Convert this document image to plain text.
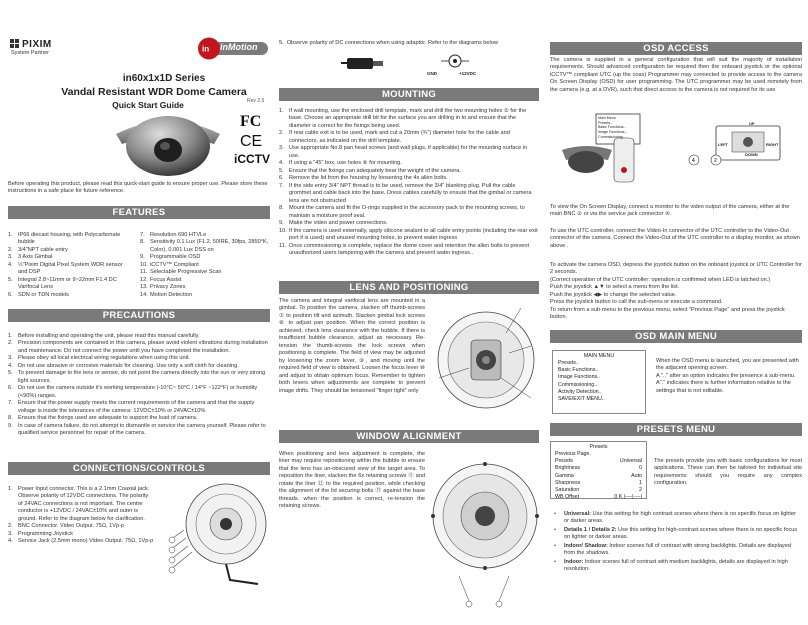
PIXIM
System Partner	in inMotion
in60x1x1D Series
Vandal Resistant WDR Dome Camera
Quick Start Guide	Rev 2.5
FC
CE
iCCTV
Before operating this product, please read this quick-start guide to ensure proper use. Please store these instructions in a safe place for future reference.
FEATURES
1. IP66 diecast housing, with Polycarbonate bubble
2. 3/4"NPT cable entry
3. 3 Axis Gimbal
4. ½"Pixim Digital Pixel System WDR sensor and DSP
5. Integral 2.8~11mm or 9~22mm F1.4 DC Varifocal Lens
6. SDN or TDN models
7. Resolution 690 HTVLe
8. Sensitivity 0.1 Lux (F1.2, 50IRE, 30fps, 2850°K, Color), 0.001 Lux DSS on
9. Programmable OSD
10. iCCTV™ Compliant
11. Selectable Progressive Scan
12. Focus Assist
13. Privacy Zones
14. Motion Detection
PRECAUTIONS
1. Before installing and operating the unit, please read this manual carefully.
2. Precision components are contained in this camera, please avoid violent vibrations during installation and maintenance. Do not connect the power until you have completed the installation.
3. Please obey all local electrical wiring regulations when using this unit.
4. Do not use abrasive or corrosive materials for cleaning. Use only a soft cloth for cleaning.
5. To prevent damage to the lens or sensor, do not point the camera directly into the sun or very strong light sources.
6. Do not use the camera outside it’s working temperature (-10°C~ 50°C / 14°F ~122°F) or humidity (<90%) ranges.
7. Ensure that the power supply meets the current requirements of the camera and that the supply voltage is inside the tolerances of the camera: 12VDC±10% or 24VAC±10%
8. Ensure that the fixings used are adequate to support the load of camera.
9. In case of camera failure, do not attempt to dismantle or service the camera yourself. Please refer to qualified service personnel for repair of the camera.
CONNECTIONS/CONTROLS
1. Power Input connector. This is a 2.1mm Coaxial jack. Observe polarity of 12VDC connections. The polarity of 24VAC connections is not important. The centre conductor is +12VDC / 24VAC±10% and outer is ground. Refer to the diagram below for clarification.
2. BNC Connector. Video Output. 75Ω, 1Vp-p
3. Programming Joystick
4. Service Jack (2.5mm mono) Video Output. 75Ω, 1Vp-p
5.  Observe polarity of DC connections when using adaptor. Refer to the diagrams below
GND	+12VDC
MOUNTING
1. If wall mounting, use the enclosed drill template, mark and drill the two mounting holes ⑤ for the base. Choose an appropriate drill bit for the surface you are drilling in to and ensure that the diameter is correct for the fixings being used.
2. If rear cable exit is to be used, mark and cut a 20mm (¾") diameter hole for the cable and connectors, as indicated on the drill template.
3. Use appropriate No.8 pan head screws (and wall plugs, if applicable) for the mounting surface in use.
4. If using a "45" box, use holes ⑥ for mounting.
5. Ensure that the fixings can adequately bear the weight of the camera.
6. Remove the lid from the housing by loosening the 4x allen bolts.
7. If the side entry 3/4" NPT thread is to be used, remove the 3/4" blanking plug. Pull the cable grommet and cable back into the base. Dress cables carefully to ensure that the gimbal or camera lens are not obstructed
8. Mount the camera and fit the O-rings supplied in the accessory pack to the mounting screws, to maintain a moisture proof seal.
9. Make the video and power connections.
10. If the camera is used externally, apply silicone sealant to all cable entry points (including the rear exit port if is used) and unused mounting holes, to prevent water ingress
11. Once commissioning is complete, replace the dome cover and retention the allen bolts to prevent unauthorized users tampering with the camera and prevent water ingress..
LENS AND POSITIONING
The camera and integral varifocal lens are mounted in a gimbal. To position the camera, slacken off thumb-screws ⑦ to position tilt and azimuth. Slacken gimbal lock screws ⑧ to adjust pan position. When the correct position is achieved, check lens clearance with the bubble. If there is insufficient bubble clearance, adjust as necessary. Re-tension the thumb-screws the lock screws when positioning is complete. The field of view may be adjusted by loosening the zoom lever, ⑨, and moving until the required field of view is obtained. Loosen the focus lever ⑩ and adjust to obtain optimum focus. Remember to tighten both levers when adjustments are complete to prevent image drifts. They should be tensioned "finger tight" only
WINDOW ALIGNMENT
When positioning and lens adjustment is complete, the liner may require repositioning within the bubble to ensure that the lens has un-obscured view of the target area. To reposition the liner, slacken the 6x retaining screws ⑪ and rotate the liner ⑫ to the required position, while checking the alignment of the lid securing bolts ⑬ against the base threads. when the position is correct, re-tension the retaining screws.
OSD ACCESS
The camera is supplied in a general configuration that will suit the majority of installation requirements. Should advanced configuration be required then the onboard joystick or the optional iCCTV™ compliant UTC (up the coax) Programmer may connected to provide access to the camera On Screen Display (OSD) for user programming. The UTC programmer may be used remotely from the camera (e.g. at a DVR), such that direct access to the camera is not required for its use
4	2
Main Menu
Presets...
Basic Functions...
Image Functions...
Commissioning...
UP
LEFT	RIGHT
DOWN
To view the On Screen Display, connect a monitor to the video output of the camera, either at the main BNC ② or via the service jack connector ④.
To use the UTC controller, connect the Video-In connector of the UTC controller to the Video-Out connector of the camera. Connect the Video-Out of the UTC controller to a display monitor, as shown above .
To activate the camera OSD, depress the joystick button on the onboard joystick or UTC Controller for 2 seconds.
(Correct operation of the UTC controller: operation is confirmed when LED is latched on.)
Push the joystick ▲▼ to select a menu from the list.
Push the joystick ◀▶ to change the selected value.
Press the joystick button to call the sub-menu or execute a command.
To return from a sub-menu to the previous menu, select "Previous Page" and press the joystick button.
OSD MAIN MENU
MAIN MENU
Presets..
Basic Functions..
Image Functions..
Commissioning..
Activity Detection..
SAVE/EXIT MENU..
When the OSD menu is launched, you are presented with the adjacent opening screen.
A ".." after an option indicates the presence a sub-menu.
A"." indicates there is further information relative to the settings that is not editable.
PRESETS MENU
Presets
Previous Page.
Presets	Universal
Brightness	0
Gamma	Auto
Sharpness	1
Saturation	2
WB Offset	0 K |----|----|
The presets provide you with basic configurations for most applications. These can then be tailored for individual site requirements should you require any complex configuration.
•	Universal: Use this setting for high contrast scenes where there is no specific focus on lighter or darker areas.
•	Details 1 / Details 2: Use this setting for high-contrast scenes where there is no specific focus on lighter or darker areas.
•	Indoor/ Shadow: Indoor scenes full of contrast with strong backlights. Details are displayed from the shadows.
•	Indoor: Indoor scenes full of contrast with medium backlights, details are displayed in high resolution.
